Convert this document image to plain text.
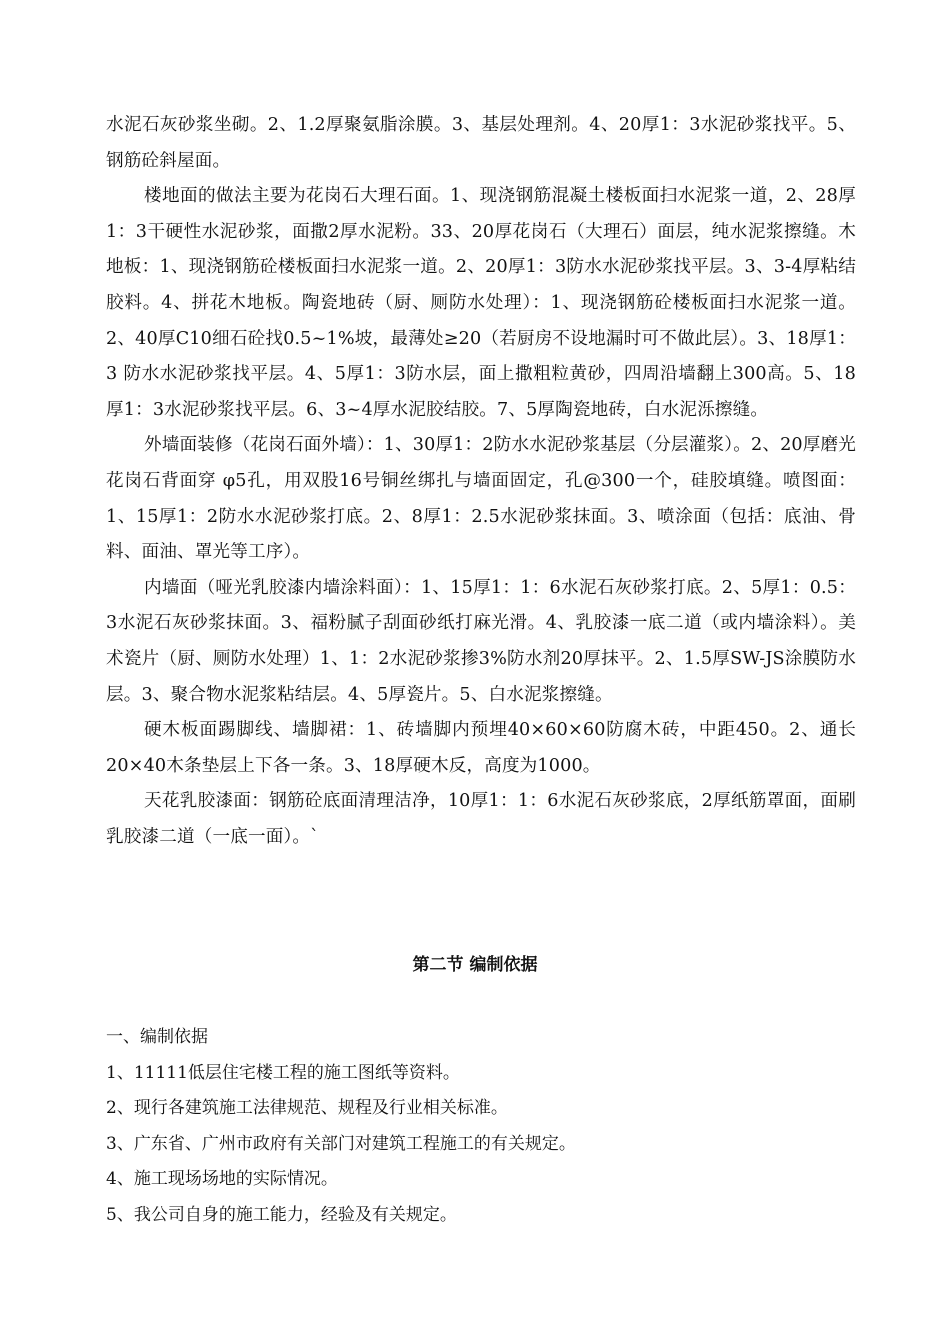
水泥石灰砂浆坐砌。2、1.2厚聚氨脂涂膜。3、基层处理剂。4、20厚1：3水泥砂浆找平。5、钢筋砼斜屋面。

楼地面的做法主要为花岗石大理石面。1、现浇钢筋混凝土楼板面扫水泥浆一道，2、28厚1：3干硬性水泥砂浆，面撒2厚水泥粉。33、20厚花岗石（大理石）面层，纯水泥浆擦缝。木地板：1、现浇钢筋砼楼板面扫水泥浆一道。2、20厚1：3防水水泥砂浆找平层。3、3-4厚粘结胶料。4、拼花木地板。陶瓷地砖（厨、厕防水处理）：1、现浇钢筋砼楼板面扫水泥浆一道。2、40厚C10细石砼找0.5~1%坡，最薄处≥20（若厨房不设地漏时可不做此层）。3、18厚1：3 防水水泥砂浆找平层。4、5厚1：3防水层，面上撒粗粒黄砂，四周沿墙翻上300高。5、18厚1：3水泥砂浆找平层。6、3~4厚水泥胶结胶。7、5厚陶瓷地砖，白水泥泺擦缝。

外墙面装修（花岗石面外墙）：1、30厚1：2防水水泥砂浆基层（分层灌浆）。2、20厚磨光花岗石背面穿 φ5孔，用双股16号铜丝绑扎与墙面固定，孔@300一个，硅胶填缝。喷图面：1、15厚1：2防水水泥砂浆打底。2、8厚1：2.5水泥砂浆抹面。3、喷涂面（包括：底油、骨料、面油、罩光等工序）。

内墙面（哑光乳胶漆内墙涂料面）：1、15厚1：1：6水泥石灰砂浆打底。2、5厚1：0.5：3水泥石灰砂浆抹面。3、福粉腻子刮面砂纸打麻光滑。4、乳胶漆一底二道（或内墙涂料）。美术瓷片（厨、厕防水处理）1、1：2水泥砂浆掺3%防水剂20厚抹平。2、1.5厚SW-JS涂膜防水层。3、聚合物水泥浆粘结层。4、5厚瓷片。5、白水泥浆擦缝。

硬木板面踢脚线、墙脚裙：1、砖墙脚内预埋40×60×60防腐木砖，中距450。2、通长20×40木条垫层上下各一条。3、18厚硬木反，高度为1000。

天花乳胶漆面：钢筋砼底面清理洁净，10厚1：1：6水泥石灰砂浆底，2厚纸筋罩面，面刷乳胶漆二道（一底一面）。`

第二节 编制依据

一、编制依据

1、11111低层住宅楼工程的施工图纸等资料。

2、现行各建筑施工法律规范、规程及行业相关标准。

3、广东省、广州市政府有关部门对建筑工程施工的有关规定。

4、施工现场场地的实际情况。

5、我公司自身的施工能力，经验及有关规定。
